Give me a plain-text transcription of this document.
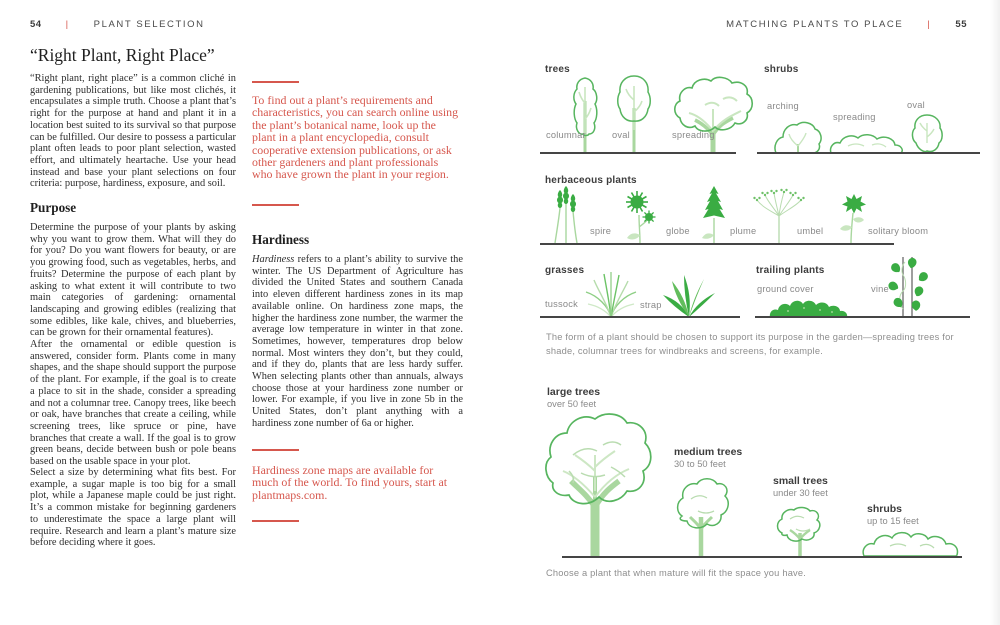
54	|	PLANT SELECTION	MATCHING PLANTS TO PLACE	|	55
“Right Plant, Right Place”

“Right plant, right place” is a common cliché in gardening publications, but like most clichés, it encapsulates a simple truth. Choose a plant that’s right for the purpose at hand and plant it in a location best suited to its survival so that purpose can be fulfilled. Our desire to possess a particular plant often leads to poor plant selection, wasted effort, and ultimately heartache. Use your head instead and base your plant selections on four criteria: purpose, hardiness, exposure, and soil.

Purpose

Determine the purpose of your plants by asking why you want to grow them. What will they do for you? Do you want flowers for beauty, or are you growing food, such as vegetables, herbs, and fruits? Determine the purpose of each plant by asking to what extent it will contribute to two main categories of gardening: ornamental landscaping and growing edibles (realizing that some edibles, like kale, chives, and blueberries, can be grown for their ornamental features).

After the ornamental or edible question is answered, consider form. Plants come in many shapes, and the shape should support the purpose of the plant. For example, if the goal is to create a place to sit in the shade, consider a spreading and not a columnar tree. Canopy trees, like beech or oak, have branches that create a ceiling, while screening trees, like spruce or pine, have branches that create a wall. If the goal is to grow green beans, decide between bush or pole beans based on the usable space in your plot.

Select a size by determining what fits best. For example, a sugar maple is too big for a small plot, while a Japanese maple could be just right. It’s a common mistake for beginning gardeners to underestimate the space a large plant will require. Research and learn a plant’s mature size before deciding where it goes.

To find out a plant’s requirements and characteristics, you can search online using the plant’s botanical name, look up the plant in a plant encyclopedia, consult cooperative extension publications, or ask other gardeners and plant professionals who have grown the plant in your region.

Hardiness

Hardiness refers to a plant’s ability to survive the winter. The US Department of Agriculture has divided the United States and southern Canada into eleven different hardiness zones in its map available online. On hardiness zone maps, the higher the hardiness zone number, the warmer the average low temperature in winter in that zone. Sometimes, however, temperatures drop below normal. Most winters they don’t, but they could, and if they do, plants that are less hardy suffer. When selecting plants other than annuals, always choose those at your hardiness zone number or lower. For example, if you live in zone 5b in the United States, don’t plant anything with a hardiness zone number of 6a or higher.

Hardiness zone maps are available for much of the world. To find yours, start at plantmaps.com.

trees	shrubs
columnar	oval	spreading
arching
spreading
oval
herbaceous plants
spire	globe	plume	umbel	solitary bloom
grasses	trailing plants
tussock	strap
ground cover	vine
The form of a plant should be chosen to support its purpose in the garden—spreading trees for shade, columnar trees for windbreaks and screens, for example.
large trees
over 50 feet
medium trees
30 to 50 feet
small trees
under 30 feet
shrubs
up to 15 feet
Choose a plant that when mature will fit the space you have.
